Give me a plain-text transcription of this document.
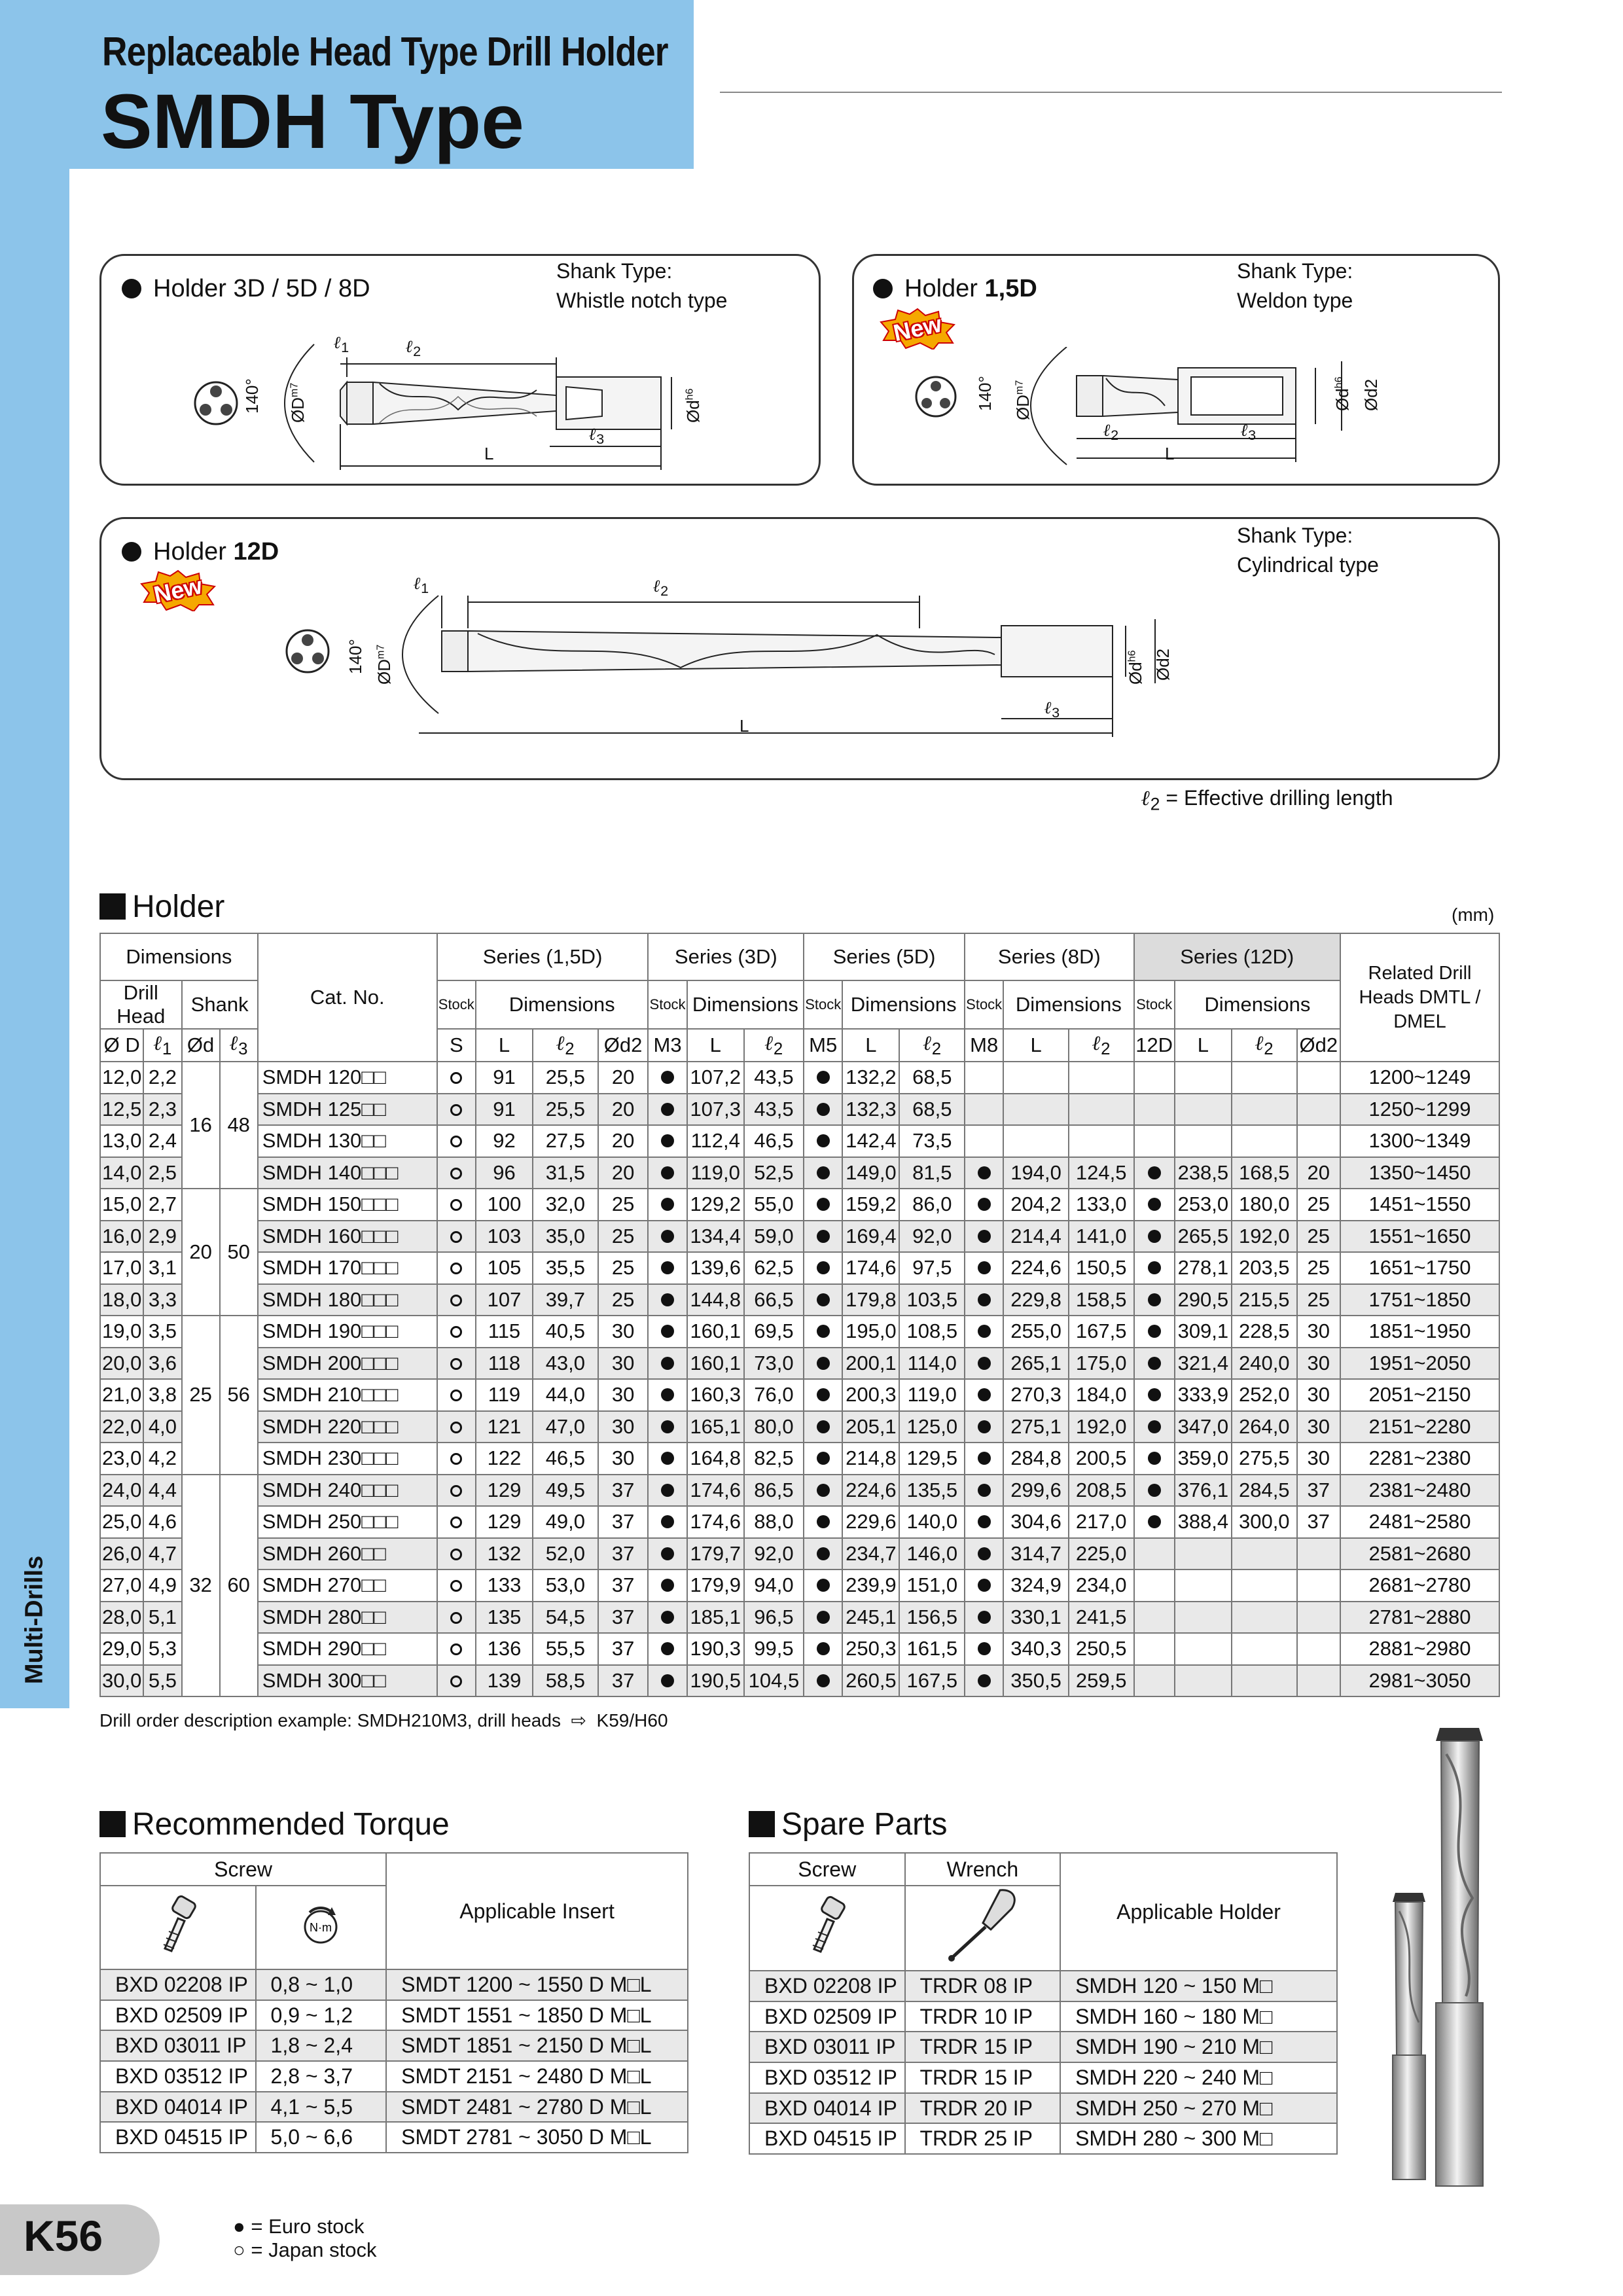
Replaceable Head Type Drill Holder
SMDH Type
Multi-Drills
Holder 3D / 5D / 8D
Shank Type:
Whistle notch type
140° $ØD^{m7}$
$Ød^{h6}$
ℓ$_1$	ℓ$_2$
ℓ$_3$
L
Holder 1,5D
Shank Type:
Weldon type
New
140° $ØD^{m7}$
$Ød^{h6}$ Ød2
ℓ$_2$	ℓ$_3$
L
Holder 12D
Shank Type:
Cylindrical type
New
140° $ØD^{m7}$
$Ød^{h6}$ Ød2
ℓ$_1$	ℓ$_2$
ℓ$_3$
L
ℓ$_2$ = Effective drilling length
Holder	(mm)
Dimensions				Cat. No.	Series (1,5D)				Series (3D)			Series (5D)			Series (8D)			Series (12D)				Related Drill Heads DMTL / DMEL
Drill Head		Shank			Stock	Dimensions			Stock	Dimensions		Stock	Dimensions		Stock	Dimensions		Stock	Dimensions			
Ø D	ℓ$_1$	Ød	ℓ$_3$		S	L	ℓ$_2$	Ød2	M3	L	ℓ$_2$	M5	L	ℓ$_2$	M8	L	ℓ$_2$	12D	L	ℓ$_2$	Ød2	
12,0	2,2	16	48	SMDH 120□□		91	25,5	20		107,2	43,5		132,2	68,5								1200~1249
12,5	2,3			SMDH 125□□		91	25,5	20		107,3	43,5		132,3	68,5								1250~1299
13,0	2,4			SMDH 130□□		92	27,5	20		112,4	46,5		142,4	73,5								1300~1349
14,0	2,5			SMDH 140□□□		96	31,5	20		119,0	52,5		149,0	81,5		194,0	124,5		238,5	168,5	20	1350~1450
15,0	2,7	20	50	SMDH 150□□□		100	32,0	25		129,2	55,0		159,2	86,0		204,2	133,0		253,0	180,0	25	1451~1550
16,0	2,9			SMDH 160□□□		103	35,0	25		134,4	59,0		169,4	92,0		214,4	141,0		265,5	192,0	25	1551~1650
17,0	3,1			SMDH 170□□□		105	35,5	25		139,6	62,5		174,6	97,5		224,6	150,5		278,1	203,5	25	1651~1750
18,0	3,3			SMDH 180□□□		107	39,7	25		144,8	66,5		179,8	103,5		229,8	158,5		290,5	215,5	25	1751~1850
19,0	3,5	25	56	SMDH 190□□□		115	40,5	30		160,1	69,5		195,0	108,5		255,0	167,5		309,1	228,5	30	1851~1950
20,0	3,6			SMDH 200□□□		118	43,0	30		160,1	73,0		200,1	114,0		265,1	175,0		321,4	240,0	30	1951~2050
21,0	3,8			SMDH 210□□□		119	44,0	30		160,3	76,0		200,3	119,0		270,3	184,0		333,9	252,0	30	2051~2150
22,0	4,0			SMDH 220□□□		121	47,0	30		165,1	80,0		205,1	125,0		275,1	192,0		347,0	264,0	30	2151~2280
23,0	4,2			SMDH 230□□□		122	46,5	30		164,8	82,5		214,8	129,5		284,8	200,5		359,0	275,5	30	2281~2380
24,0	4,4	32	60	SMDH 240□□□		129	49,5	37		174,6	86,5		224,6	135,5		299,6	208,5		376,1	284,5	37	2381~2480
25,0	4,6			SMDH 250□□□		129	49,0	37		174,6	88,0		229,6	140,0		304,6	217,0		388,4	300,0	37	2481~2580
26,0	4,7			SMDH 260□□		132	52,0	37		179,7	92,0		234,7	146,0		314,7	225,0					2581~2680
27,0	4,9			SMDH 270□□		133	53,0	37		179,9	94,0		239,9	151,0		324,9	234,0					2681~2780
28,0	5,1			SMDH 280□□		135	54,5	37		185,1	96,5		245,1	156,5		330,1	241,5					2781~2880
29,0	5,3			SMDH 290□□		136	55,5	37		190,3	99,5		250,3	161,5		340,3	250,5					2881~2980
30,0	5,5			SMDH 300□□		139	58,5	37		190,5	104,5		260,5	167,5		350,5	259,5					2981~3050
Drill order description example: SMDH210M3, drill heads ⇨ K59/H60
Recommended Torque
Screw		Applicable Insert

N·m	

BXD 02208 IP	0,8 ~ 1,0	SMDT 1200 ~ 1550 D M□L
BXD 02509 IP	0,9 ~ 1,2	SMDT 1551 ~ 1850 D M□L
BXD 03011 IP	1,8 ~ 2,4	SMDT 1851 ~ 2150 D M□L
BXD 03512 IP	2,8 ~ 3,7	SMDT 2151 ~ 2480 D M□L
BXD 04014 IP	4,1 ~ 5,5	SMDT 2481 ~ 2780 D M□L
BXD 04515 IP	5,0 ~ 6,6	SMDT 2781 ~ 3050 D M□L
Spare Parts
Screw	Wrench	Applicable Holder

BXD 02208 IP	TRDR 08 IP	SMDH 120 ~ 150 M□
BXD 02509 IP	TRDR 10 IP	SMDH 160 ~ 180 M□
BXD 03011 IP	TRDR 15 IP	SMDH 190 ~ 210 M□
BXD 03512 IP	TRDR 15 IP	SMDH 220 ~ 240 M□
BXD 04014 IP	TRDR 20 IP	SMDH 250 ~ 270 M□
BXD 04515 IP	TRDR 25 IP	SMDH 280 ~ 300 M□
K56	● = Euro stock
○ = Japan stock
